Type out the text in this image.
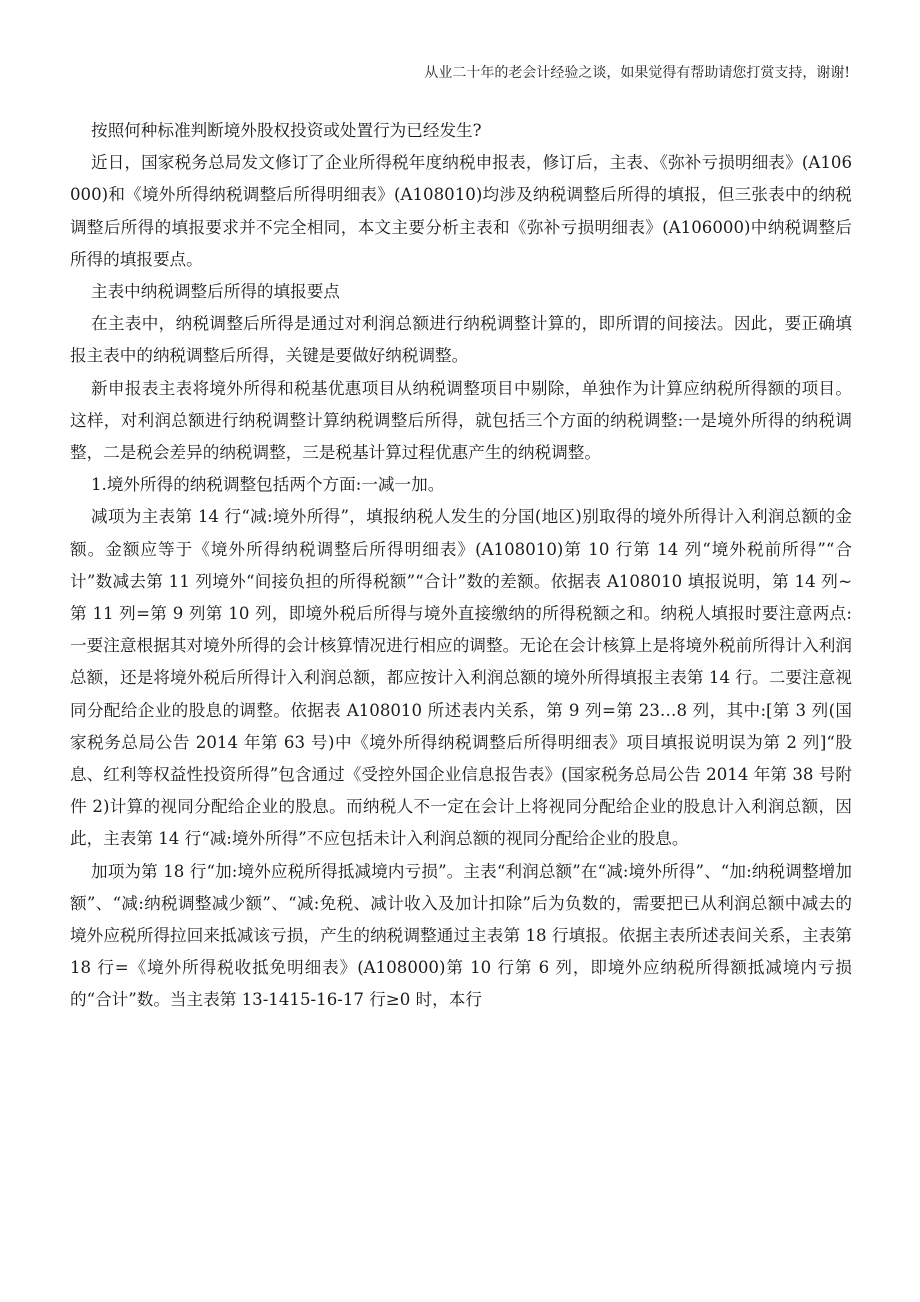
从业二十年的老会计经验之谈，如果觉得有帮助请您打赏支持，谢谢!

按照何种标准判断境外股权投资或处置行为已经发生?

近日，国家税务总局发文修订了企业所得税年度纳税申报表，修订后，主表、《弥补亏损明细表》(A106000)和《境外所得纳税调整后所得明细表》(A108010)均涉及纳税调整后所得的填报，但三张表中的纳税调整后所得的填报要求并不完全相同，本文主要分析主表和《弥补亏损明细表》(A106000)中纳税调整后所得的填报要点。

主表中纳税调整后所得的填报要点

在主表中，纳税调整后所得是通过对利润总额进行纳税调整计算的，即所谓的间接法。因此，要正确填报主表中的纳税调整后所得，关键是要做好纳税调整。

新申报表主表将境外所得和税基优惠项目从纳税调整项目中剔除，单独作为计算应纳税所得额的项目。这样，对利润总额进行纳税调整计算纳税调整后所得，就包括三个方面的纳税调整:一是境外所得的纳税调整，二是税会差异的纳税调整，三是税基计算过程优惠产生的纳税调整。

1.境外所得的纳税调整包括两个方面:一减一加。

减项为主表第 14 行“减:境外所得”，填报纳税人发生的分国(地区)别取得的境外所得计入利润总额的金额。金额应等于《境外所得纳税调整后所得明细表》(A108010)第 10 行第 14 列“境外税前所得”“合计”数减去第 11 列境外“间接负担的所得税额”“合计”数的差额。依据表 A108010 填报说明，第 14 列~第 11 列=第 9 列第 10 列，即境外税后所得与境外直接缴纳的所得税额之和。纳税人填报时要注意两点:一要注意根据其对境外所得的会计核算情况进行相应的调整。无论在会计核算上是将境外税前所得计入利润总额，还是将境外税后所得计入利润总额，都应按计入利润总额的境外所得填报主表第 14 行。二要注意视同分配给企业的股息的调整。依据表 A108010 所述表内关系，第 9 列=第 23…8 列，其中:[第 3 列(国家税务总局公告 2014 年第 63 号)中《境外所得纳税调整后所得明细表》项目填报说明误为第 2 列]“股息、红利等权益性投资所得”包含通过《受控外国企业信息报告表》(国家税务总局公告 2014 年第 38 号附件 2)计算的视同分配给企业的股息。而纳税人不一定在会计上将视同分配给企业的股息计入利润总额，因此，主表第 14 行“减:境外所得”不应包括未计入利润总额的视同分配给企业的股息。

加项为第 18 行“加:境外应税所得抵减境内亏损”。主表“利润总额”在“减:境外所得”、“加:纳税调整增加额”、“减:纳税调整减少额”、“减:免税、减计收入及加计扣除”后为负数的，需要把已从利润总额中减去的境外应税所得拉回来抵减该亏损，产生的纳税调整通过主表第 18 行填报。依据主表所述表间关系，主表第 18 行=《境外所得税收抵免明细表》(A108000)第 10 行第 6 列，即境外应纳税所得额抵减境内亏损的“合计”数。当主表第 13-1415-16-17 行≥0 时，本行
